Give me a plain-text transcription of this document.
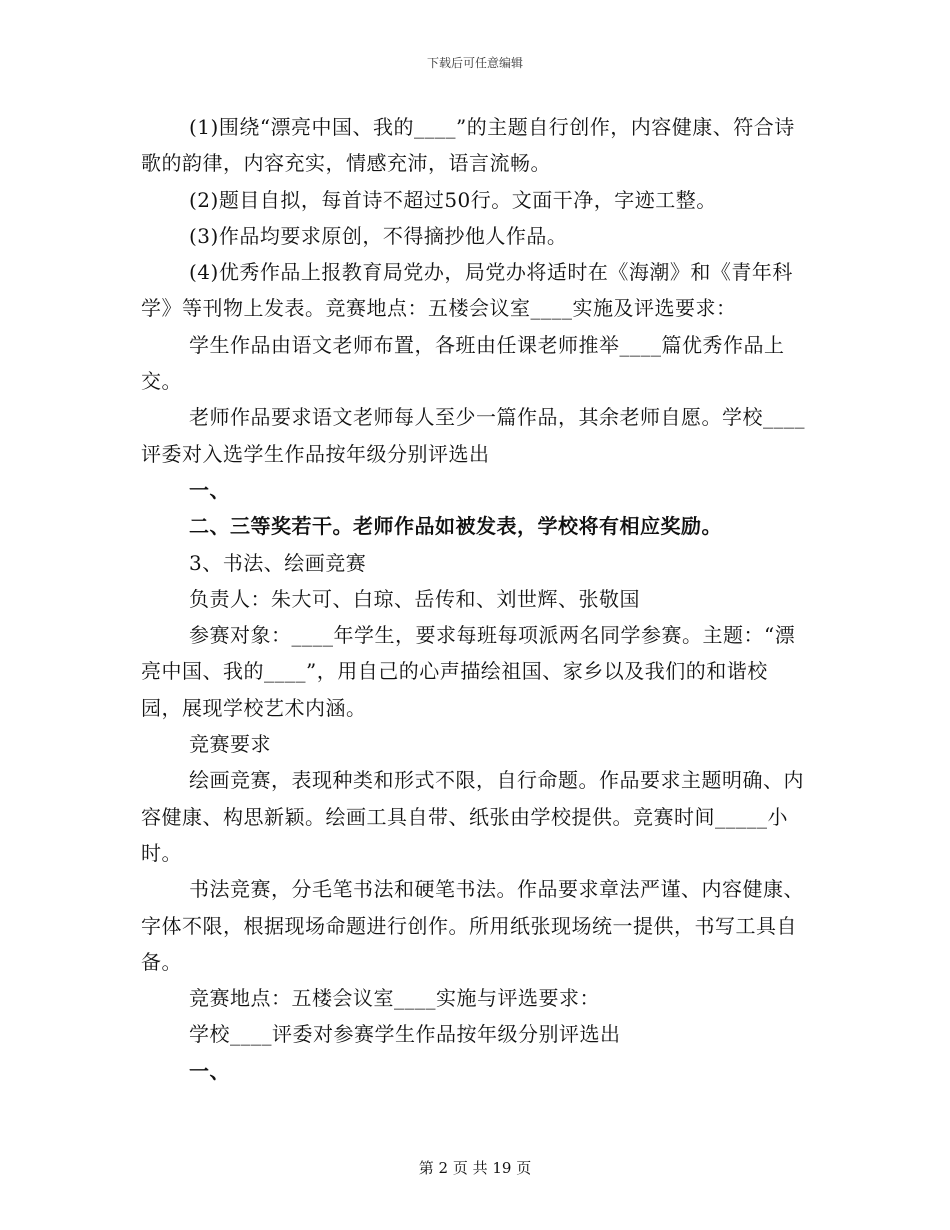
下载后可任意编辑

(1)围绕“漂亮中国、我的____”的主题自行创作，内容健康、符合诗歌的韵律，内容充实，情感充沛，语言流畅。

(2)题目自拟，每首诗不超过50行。文面干净，字迹工整。

(3)作品均要求原创，不得摘抄他人作品。

(4)优秀作品上报教育局党办，局党办将适时在《海潮》和《青年科学》等刊物上发表。竞赛地点：五楼会议室____实施及评选要求：

学生作品由语文老师布置，各班由任课老师推举____篇优秀作品上交。

老师作品要求语文老师每人至少一篇作品，其余老师自愿。学校____评委对入选学生作品按年级分别评选出

一、

二、三等奖若干。老师作品如被发表，学校将有相应奖励。

3、书法、绘画竞赛

负责人：朱大可、白琼、岳传和、刘世辉、张敬国

参赛对象：____年学生，要求每班每项派两名同学参赛。主题：“漂亮中国、我的____”，用自己的心声描绘祖国、家乡以及我们的和谐校园，展现学校艺术内涵。

竞赛要求

绘画竞赛，表现种类和形式不限，自行命题。作品要求主题明确、内容健康、构思新颖。绘画工具自带、纸张由学校提供。竞赛时间_____小时。

书法竞赛，分毛笔书法和硬笔书法。作品要求章法严谨、内容健康、字体不限，根据现场命题进行创作。所用纸张现场统一提供，书写工具自备。

竞赛地点：五楼会议室____实施与评选要求：

学校____评委对参赛学生作品按年级分别评选出

一、

第 2 页 共 19 页
